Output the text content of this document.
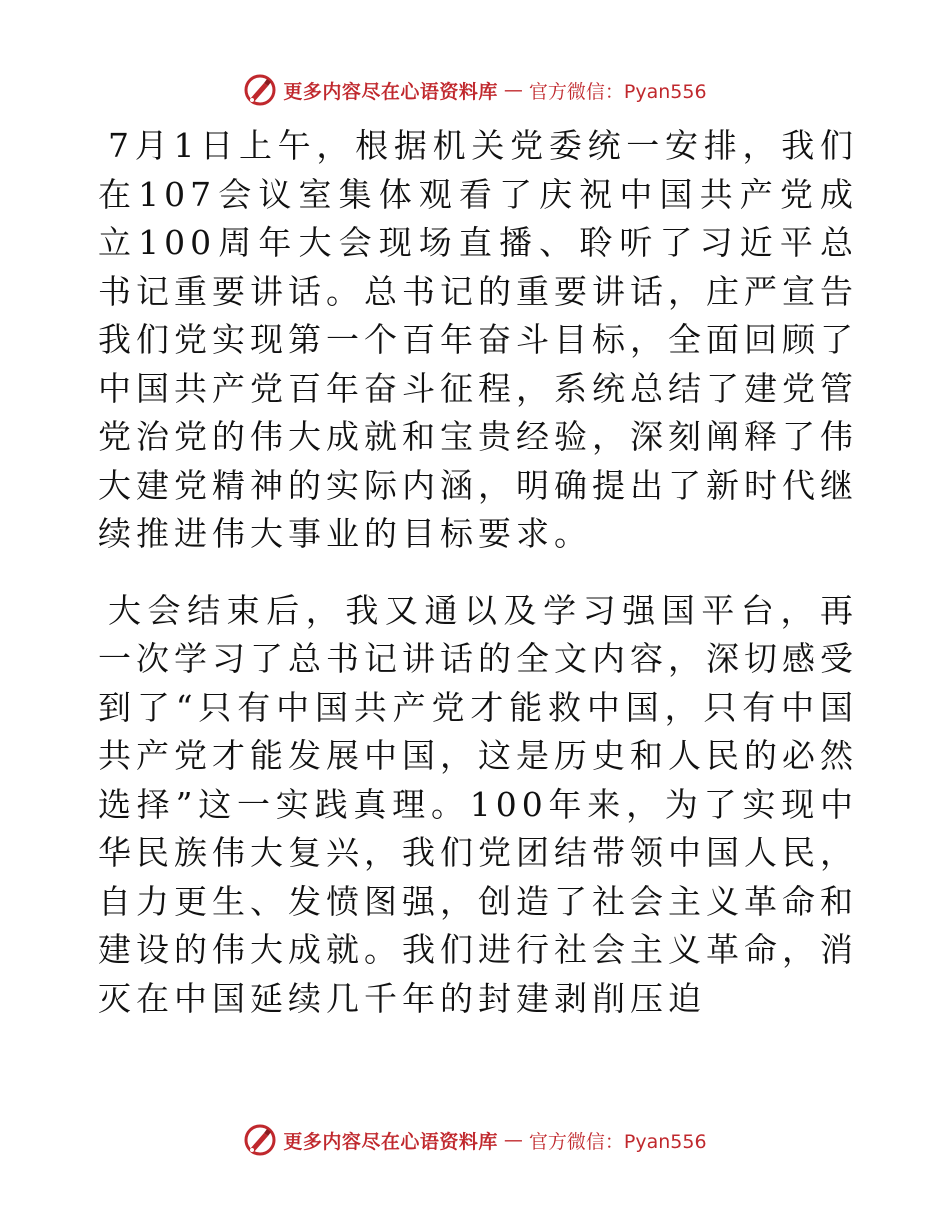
更多内容尽在心语资料库 — 官方微信：Pyan556

7月1日上午，根据机关党委统一安排，我们在107会议室集体观看了庆祝中国共产党成立100周年大会现场直播、聆听了习近平总书记重要讲话。总书记的重要讲话，庄严宣告我们党实现第一个百年奋斗目标，全面回顾了中国共产党百年奋斗征程，系统总结了建党管党治党的伟大成就和宝贵经验，深刻阐释了伟大建党精神的实际内涵，明确提出了新时代继续推进伟大事业的目标要求。

大会结束后，我又通以及学习强国平台，再一次学习了总书记讲话的全文内容，深切感受到了“只有中国共产党才能救中国，只有中国共产党才能发展中国，这是历史和人民的必然选择”这一实践真理。100年来，为了实现中华民族伟大复兴，我们党团结带领中国人民，自力更生、发愤图强，创造了社会主义革命和建设的伟大成就。我们进行社会主义革命，消灭在中国延续几千年的封建剥削压迫

更多内容尽在心语资料库 — 官方微信：Pyan556
